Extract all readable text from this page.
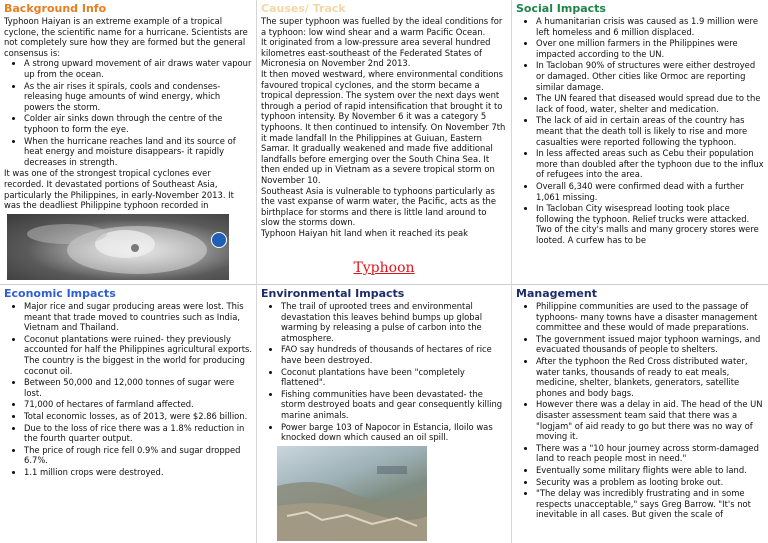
Background Info

Typhoon Haiyan is an extreme example of a tropical cyclone, the scientific name for a hurricane. Scientists are not completely sure how they are formed but the general consensus is:

• A strong upward movement of air draws water vapour up from the ocean.
• As the air rises it spirals, cools and condenses- releasing huge amounts of wind energy, which powers the storm.
• Colder air sinks down through the centre of the typhoon to form the eye.
• When the hurricane reaches land and its source of heat energy and moisture disappears- it rapidly decreases in strength.

It was one of the strongest tropical cyclones ever recorded. It devastated portions of Southeast Asia, particularly the Philippines, in early-November 2013. It was the deadliest Philippine typhoon recorded in

Causes/ Track

The super typhoon was fuelled by the ideal conditions for a typhoon: low wind shear and a warm Pacific Ocean.

It originated from a low-pressure area several hundred kilometres east-southeast of the Federated States of Micronesia on November 2nd 2013.

It then moved westward, where environmental conditions favoured tropical cyclones, and the storm became a tropical depression. The system over the next days went through a period of rapid intensification that brought it to typhoon intensity. By November 6 it was a category 5 typhoons. It then continued to intensify. On November 7th it made landfall In the Philippines at Guiuan, Eastern Samar. It gradually weakened and made five additional landfalls before emerging over the South China Sea. It then ended up in Vietnam as a severe tropical storm on November 10.

Southeast Asia is vulnerable to typhoons particularly as the vast expanse of warm water, the Pacific, acts as the birthplace for storms and there is little land around to slow the storms down.

Typhoon Haiyan hit land when it reached its peak

Social Impacts
• A humanitarian crisis was caused as 1.9 million were left homeless and 6 million displaced.
• Over one million farmers in the Philippines were impacted according to the UN.
• In Tacloban 90% of structures were either destroyed or damaged. Other cities like Ormoc are reporting similar damage.
• The UN feared that diseased would spread due to the lack of food, water, shelter and medication.
• The lack of aid in certain areas of the country has meant that the death toll is likely to rise and more casualties were reported following the typhoon.
• In less affected areas such as Cebu their population more than doubled after the typhoon due to the influx of refugees into the area.
• Overall 6,340 were confirmed dead with a further 1,061 missing.
• In Tacloban City wisespread looting took place following the typhoon. Relief trucks were attacked. Two of the city's malls and many grocery stores were looted. A curfew has to be
Typhoon
Economic Impacts
• Major rice and sugar producing areas were lost. This meant that trade moved to countries such as India, Vietnam and Thailand.
• Coconut plantations were ruined- they previously accounted for half the Philippines agricultural exports. The country is the biggest in the world for producing coconut oil.
• Between 50,000 and 12,000 tonnes of sugar were lost.
• 71,000 of hectares of farmland affected.
• Total economic losses, as of 2013, were $2.86 billion.
• Due to the loss of rice there was a 1.8% reduction in the fourth quarter output.
• The price of rough rice fell 0.9% and sugar dropped 6.7%.
• 1.1 million crops were destroyed.
Environmental Impacts
• The trail of uprooted trees and environmental devastation this leaves behind bumps up global warming by releasing a pulse of carbon into the atmosphere.
• FAO say hundreds of thousands of hectares of rice have been destroyed.
• Coconut plantations have been "completely flattened".
• Fishing communities have been devastated- the storm destroyed boats and gear consequently killing marine animals.
• Power barge 103 of Napocor in Estancia, Iloilo was knocked down which caused an oil spill.
Management
• Philippine communities are used to the passage of typhoons- many towns have a disaster management committee and these would of made preparations.
• The government issued major typhoon warnings, and evacuated thousands of people to shelters.
• After the typhoon the Red Cross distributed water, water tanks, thousands of ready to eat meals, medicine, shelter, blankets, generators, satellite phones and body bags.
• However there was a delay in aid. The head of the UN disaster assessment team said that there was a "logjam" of aid ready to go but there was no way of moving it.
• There was a "10 hour journey across storm-damaged land to reach people most in need."
• Eventually some military flights were able to land.
• Security was a problem as looting broke out.
• "The delay was incredibly frustrating and in some respects unacceptable," says Greg Barrow. "It's not inevitable in all cases. But given the scale of
